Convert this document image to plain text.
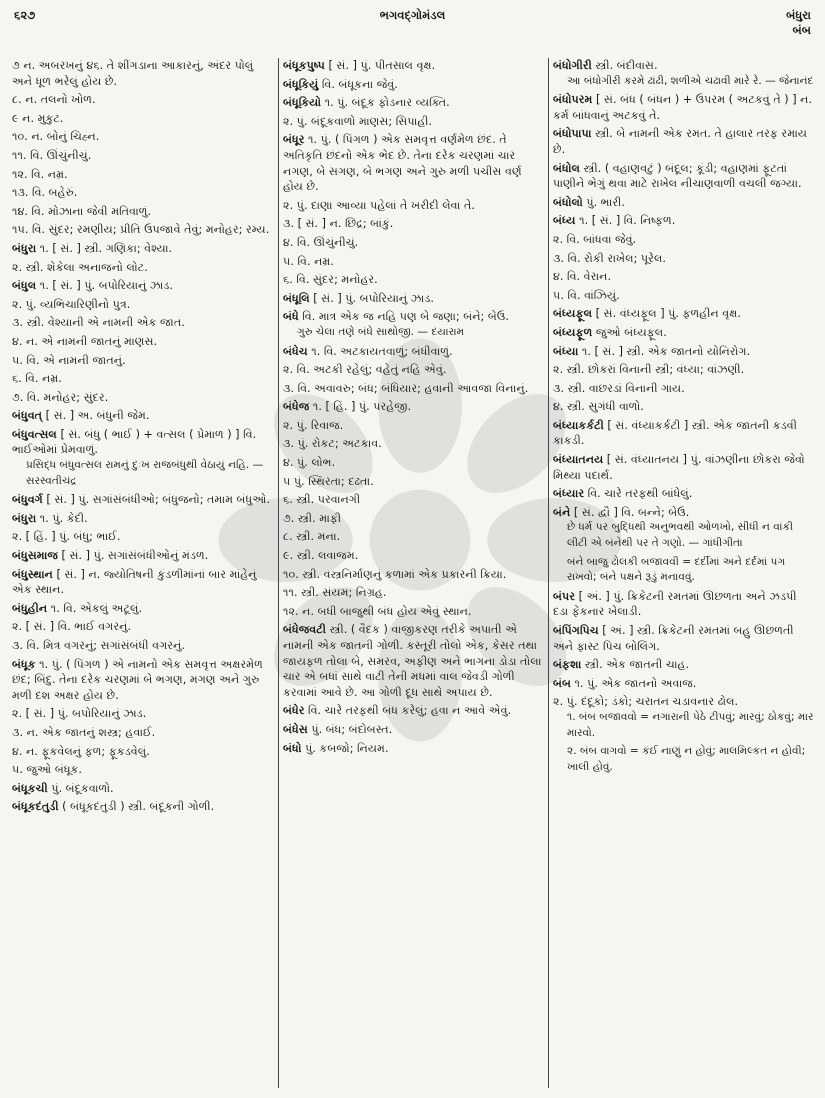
૬૨૭	ભગવદ્ગોમંડલ	બંધુરા
બંબ

૭ ન. અબરખનું ૪૬. તે શીંગડાના આકારનું, અંદર પોલું અને ધૂળ ભરેલું હોય છે.

૮. ન. તલનો ખોળ.

૯ ન. મુકુટ.

૧૦. ન. બોનું ચિહ્ન.

૧૧. વિ. ઊંચુંનીચું.

૧૨. વિ. નમ્ર.

૧૩. વિ. બહેરું.

૧૪. વિ. મોઝાના જેવી મતિવાળું.

૧૫. વિ. સુંદર; રમણીય; પ્રીતિ ઉપજાવે તેવું; મનોહર; રમ્ય.

બંધુરા ૧. [ સં. ] સ્ત્રી. ગણિકા; વેશ્યા.

૨. સ્ત્રી. શેકેલા અનાજનો લોટ.

બંધુલ ૧. [ સં. ] પું. બપોરિયાનું ઝાડ.

૨. પું. વ્યભિચારિણીનો પુત્ર.

૩. સ્ત્રી. વેશ્યાની એ નામની એક જાત.

૪. ન. એ નામની જાતનું માણસ.

૫. વિ. એ નામની જાતનું.

૬. વિ. નમ્ર.

૭. વિ. મનોહર; સુંદર.

બંધુવત્ [ સં. ] અ. બંધુની જેમ.

બંધુવત્સલ [ સં. બંધુ ( ભાઈ ) + વત્સલ ( પ્રેમાળ ) ] વિ. ભાઈઓમાં પ્રેમવાળું.
પ્રસિદ્ધ બંધુવત્સલ રામનું દુઃખ રાજબંધુથી વેઠાયું નહિ. — સરસ્વતીચંદ્ર

બંધુવર્ગ [ સં. ] પું. સગાંસંબંધીઓ; બંધુજનો; તમામ બંધુઓ.

બંધુરા ૧. પું. કેદી.

૨. [ હિં. ] પું. બંધુ; ભાઈ.

બંધુસમાજ [ સં. ] પું. સગાંસંબંધીઓનું મંડળ.

બંધુસ્થાન [ સં. ] ન. જ્યોતિષની કુંડળીમાંનાં બાર માંહેનું એક સ્થાન.

બંધુહીન ૧. વિ. એકલું અટૂલું.

૨. [ સં. ] વિ. ભાઈ વગરનું.

૩. વિ. મિત્ર વગરનું; સગાંસંબંધી વગરનું.

બંધૂક ૧. પું. ( પિંગળ ) એ નામનો એક સમવૃત્ત અક્ષરમેળ છંદ; બિંદુ. તેના દરેક ચરણમાં બે ભગણ, મગણ અને ગુરુ મળી દશ અક્ષર હોય છે.

૨. [ સં. ] પું. બપોરિયાનું ઝાડ.

૩. ન. એક જાતનું શસ્ત્ર; હવાઈ.

૪. ન. ફૂકવેલનું ફળ; ફૂકડવેલું.

૫. જુઓ બંધૂક.

બંધૂકચી પું. બંદૂકવાળો.

બંધૂકદંતુડી ( બંધૂકદંતુડી ) સ્ત્રી. બંદૂકની ગોળી.

બંધૂકપુષ્પ [ સં. ] પું. પીતસાલ વૃક્ષ.

બંધૂકિયું વિ. બંધૂકના જેવું.

બંધૂકિયો ૧. પું. બંદૂક ફોડનાર વ્યક્તિ.

૨. પું. બંદૂકવાળો માણસ; સિપાહી.

બંધૂર ૧. પું. ( પિંગળ ) એક સમવૃત્ત વર્ણમેળ છંદ. તે અતિકૃતિ છંદનો એક ભેદ છે. તેના દરેક ચરણમાં ચાર નગણ, બે સગણ, બે ભગણ અને ગુરુ મળી પચીસ વર્ણ હોય છે.

૨. પું. દાણા આવ્યા પહેલાં તે ખરીદી લેવા તે.

૩. [ સં. ] ન. છિદ્ર; બાંકું.

૪. વિ. ઊંચુંનીચું.

૫. વિ. નમ્ર.

૬. વિ. સુંદર; મનોહર.

બંધૂલિ [ સં. ] પું. બપોરિયાનું ઝાડ.

બંધે વિ. માત્ર એક જ નહિ પણ બે જણા; બંને; બેઉ.
ગુરુ ચેલા તણે બંધે સાથોજી. — દયારામ

બંધેચ ૧. વિ. અટકાયતવાળું; બંધીવાળું.

૨. વિ. અટકી રહેલું; વહેતું નહિ એવું.

૩. વિ. અવાવરુ; બંધ; બંધિયાર; હવાની આવજા વિનાનું.

બંધેજ ૧. [ હિં. ] પું. પરહેજી.

૨. પું. રિવાજ.

૩. પું. રોકટ; અટકાવ.

૪. પું. લોભ.

૫ પું. સ્થિરતા; દઢતા.

૬. સ્ત્રી. પરવાનગી

૭. સ્ત્રી. માફી

૮. સ્ત્રી. મના.

૯. સ્ત્રી. લવાજમ.

૧૦. સ્ત્રી. વસ્ત્રનિર્માણનું કળામાં એક પ્રકારની ક્રિયા.

૧૧. સ્ત્રી. સંયમ; નિગ્રહ.

૧૨. ન. બધી બાજુથી બંધ હોય એવું સ્થાન.

બંધેજવટી સ્ત્રી. ( વૈદક ) વાજીકરણ તરીકે અપાતી એ નામની એક જાતની ગોળી. કસ્તૂરી તોલો એક, કેસર તથા જાયફળ તોલા બે, સમરવ, અફીણ અને ભાગના ડોડા તોલા ચાર એ બધાં સાથે વાટી તેની મધમાં વાલ જેવડી ગોળી કરવામાં આવે છે. આ ગોળી દૂધ સાથે અપાય છે.

બંધેર વિ. ચારે તરફથી બંધ કરેલું; હવા ન આવે એવું.

બંધેસ પું. બંધ; બંદોબસ્ત.

બંધો પું. કબજો; નિયમ.

બંધોગીરી સ્ત્રી. બંદીવાસ.
આ બંધોગીરી કરમે ઢાંઢી, શળીએ ચઢાવી મારે રે. — જેનાનંદ

બંધોપરમ [ સં. બંધ ( બંધન ) + ઉપરમ ( અટકવું તે ) ] ન. કર્મ બાંધવાનું અટકવું તે.

બંધોપાપા સ્ત્રી. બે નામની એક રમત. તે હાલાર તરફ રમાય છે.

બંધોલ સ્ત્રી. ( વહાણવટું ) બંદૂલ; કૂંડી; વહાણમાં ફૂટતાં પાણીને ભેગું થવા માટે રાખેલ નીચાણવાળી વચલી જગ્યા.

બંધોલો પું. ભારી.

બંધ્ય ૧. [ સં. ] વિ. નિષ્ફળ.

૨. વિ. બાંધવા જેવું.

૩. વિ. રોકી રાખેલ; પૂરેલ.

૪. વિ. વેરાન.

૫. વિ. વાંઝિયું.

બંધ્યફૂલ [ સં. વંધ્યફૂલ ] પું. ફળહીન વૃક્ષ.

બંધ્યફૂળ જુઓ બંધ્યફૂલ.

બંધ્યા ૧. [ સં. ] સ્ત્રી. એક જાતનો યોનિરોગ.

૨. સ્ત્રી. છોકરાં વિનાની સ્ત્રી; વંધ્યા; વાંઝણી.

૩. સ્ત્રી. વાછરડાં વિનાની ગાય.

૪. સ્ત્રી. સુગંધી વાળો.

બંધ્યાકર્કટી [ સં. વંધ્યાકર્કટી ] સ્ત્રી. એક જાતની કડવી કાકડી.

બંધ્યાતનય [ સં. વંધ્યાતનય ] પું. વાંઝણીના છોકરા જેવો મિથ્યા પદાર્થ.

બંધ્યાર વિ. ચારે તરફથી બાંધેલું.

બંને [ સં. દ્વૌ ] વિ. બન્ને; બેઉ.
છે ધર્મ પર બુદ્ધિથી અનુભવથી ઓળખો, સીધી ન વાંકી લીટી એ બંનેથી પર તે ગણો. — ગાંધીગીતા

બંને બાજુ ઢોલકી બજાવવી = દર્દીમાં અને દર્દમાં પગ રાખવો; બંને પક્ષને રૂડું મનાવવું.

બંપર [ અં. ] પું. ક્રિકેટની રમતમાં ઊછળતા અને ઝડપી દડા ફેંકનાર ખેલાડી.

બંપિંગપિચ [ અં. ] સ્ત્રી. ક્રિકેટની રમતમાં બહુ ઊછળતી અને ફાસ્ટ પિચ બોલિંગ.

બંફશા સ્ત્રી. એક જાતની ચાહ.

બંબ ૧. પું. એક જાતનો અવાજ.

૨. પું. દંદૂકો; ડંકો; ચરાતન ચડાવનાર ઢોલ.
૧. બંબ બજાવવો = નગારાની પેઠે ટીપવું; મારવું; ઠોકવું; માર મારવો.

૨. બંબ વાગવો = કંઈ નાણું ન હોવું; માલમિલ્કત ન હોવી; ખાલી હોવું.
